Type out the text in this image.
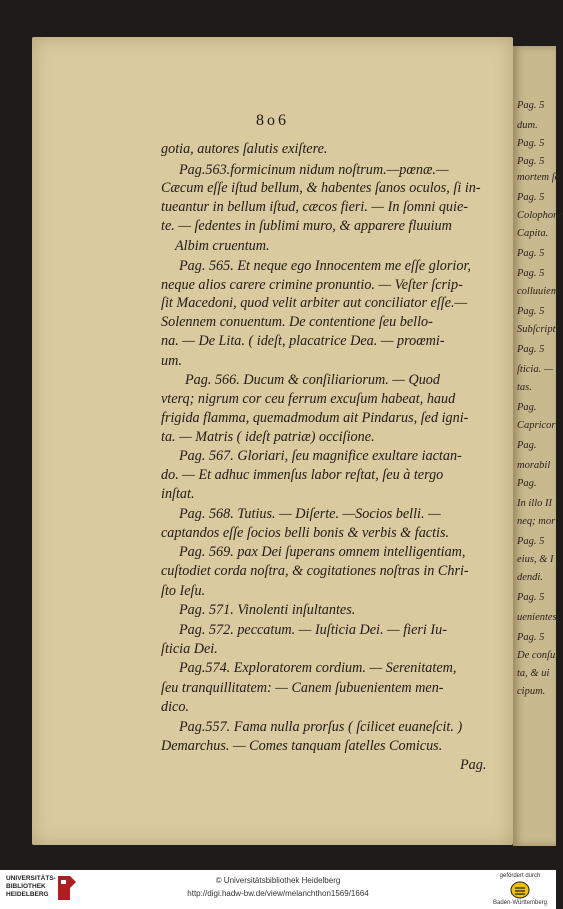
8o6
gotia, autores ſalutis exiſtere.
Pag.563.formicinum nidum noſtrum.—pœnæ.—
Cæcum eſſe iſtud bellum, & habentes ſanos oculos, ſi in-
tueantur in bellum iſtud, cæcos fieri. — In ſomni quie-
te. — ſedentes in ſublimi muro, & apparere fluuium
Albim cruentum.
Pag. 565. Et neque ego Innocentem me eſſe glorior,
neque alios carere crimine pronuntio. — Veſter ſcrip-
ſit Macedoni, quod velit arbiter aut conciliator eſſe.—
Solennem conuentum. De contentione ſeu bello-
na. — De Lita. ( ideſt, placatrice Dea. — proœmi-
um.
Pag. 566. Ducum & conſiliariorum. — Quod
vterq; nigrum cor ceu ferrum excuſum habeat, haud
frigida flamma, quemadmodum ait Pindarus, ſed igni-
ta. — Matris ( ideſt patriæ) occiſione.
Pag. 567. Gloriari, ſeu magnifice exultare iactan-
do. — Et adhuc immenſus labor reſtat, ſeu à tergo
inſtat.
Pag. 568. Tutius. — Diſerte. —Socios belli. —
captandos eſſe ſocios belli bonis & verbis & factis.
Pag. 569. pax Dei ſuperans omnem intelligentiam,
cuſtodiet corda noſtra, & cogitationes noſtras in Chri-
ſto Ieſu.
Pag. 571. Vinolenti inſultantes.
Pag. 572. peccatum. — Iuſticia Dei. — fieri Iu-
ſticia Dei.
Pag.574. Exploratorem cordium. — Serenitatem,
ſeu tranquillitatem: — Canem ſubuenientem men-
dico.
Pag.557. Fama nulla prorſus ( ſcilicet euaneſcit. )
Demarchus. — Comes tanquam ſatelles Comicus.
Pag.
Pag. 5
dum.
Pag. 5
Pag. 5
mortem ſe
Pag. 5
Colophone
Capita.
Pag. 5
Pag. 5
colluuiem.
Pag. 5
Subſcripti
Pag. 5
ſticia. —
tas.
Pag.
Capricor
Pag.
morabil
Pag.
In illo II
neq; mor
Pag. 5
eius, & I
dendi.
Pag. 5
uenientes.
Pag. 5
De conſul
ta, & ui
cipum.
UNIVERSITÄTS-
BIBLIOTHEK
HEIDELBERG
© Universitätsbibliothek Heidelberg
http://digi.hadw-bw.de/view/melanchthon1569/1664
gefördert durch
Baden-Württemberg
